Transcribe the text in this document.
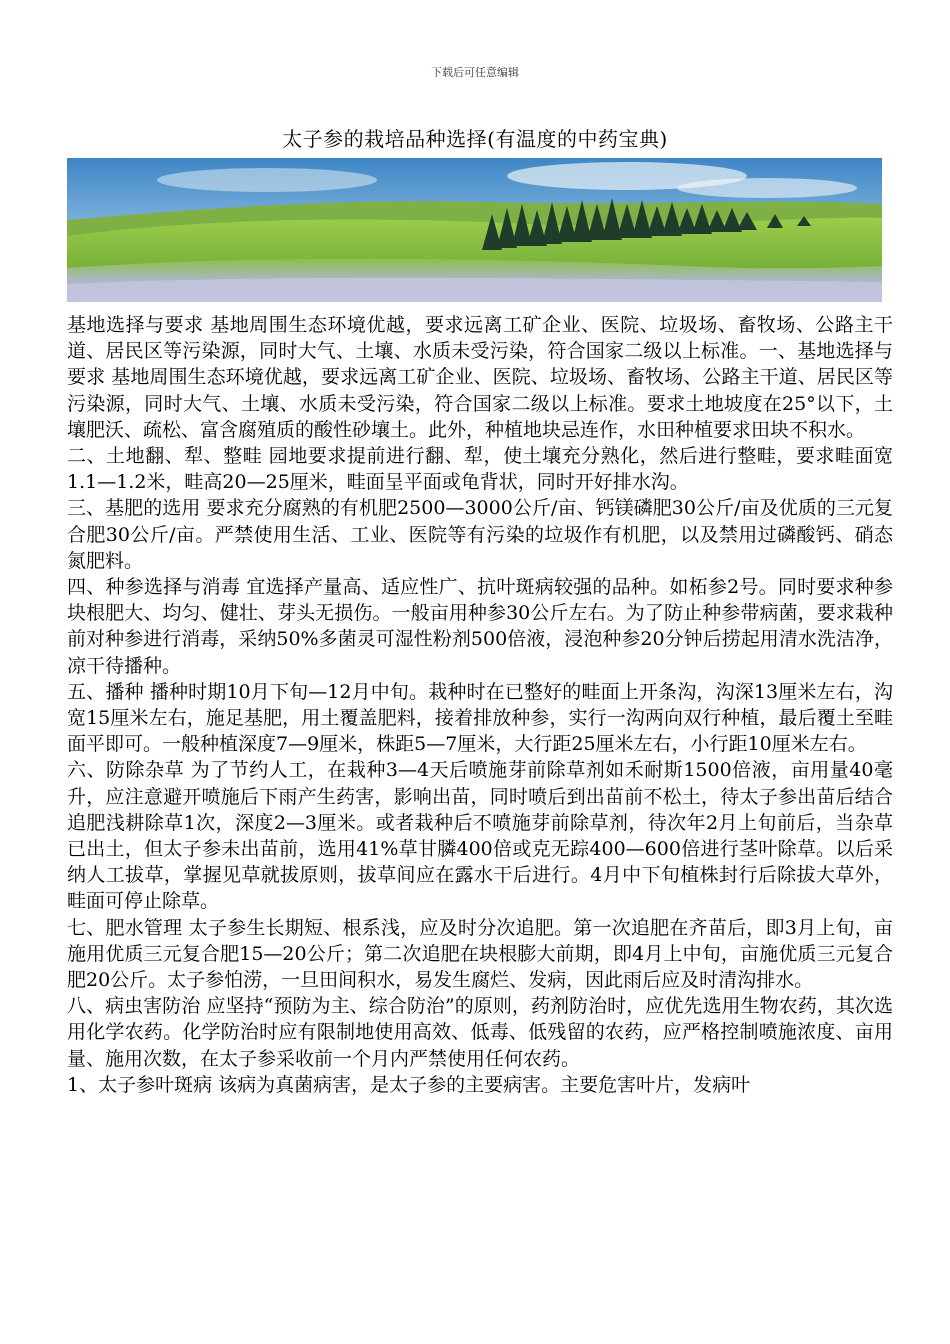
下载后可任意编辑
太子参的栽培品种选择(有温度的中药宝典)

基地选择与要求 基地周围生态环境优越，要求远离工矿企业、医院、垃圾场、畜牧场、公路主干道、居民区等污染源，同时大气、土壤、水质未受污染，符合国家二级以上标准。一、基地选择与要求 基地周围生态环境优越，要求远离工矿企业、医院、垃圾场、畜牧场、公路主干道、居民区等污染源，同时大气、土壤、水质未受污染，符合国家二级以上标准。要求土地坡度在25°以下，土壤肥沃、疏松、富含腐殖质的酸性砂壤土。此外，种植地块忌连作，水田种植要求田块不积水。

二、土地翻、犁、整畦 园地要求提前进行翻、犁，使土壤充分熟化，然后进行整畦，要求畦面宽1.1—1.2米，畦高20—25厘米，畦面呈平面或龟背状，同时开好排水沟。

三、基肥的选用 要求充分腐熟的有机肥2500—3000公斤/亩、钙镁磷肥30公斤/亩及优质的三元复合肥30公斤/亩。严禁使用生活、工业、医院等有污染的垃圾作有机肥，以及禁用过磷酸钙、硝态氮肥料。

四、种参选择与消毒 宜选择产量高、适应性广、抗叶斑病较强的品种。如柘参2号。同时要求种参块根肥大、均匀、健壮、芽头无损伤。一般亩用种参30公斤左右。为了防止种参带病菌，要求栽种前对种参进行消毒，采纳50%多菌灵可湿性粉剂500倍液，浸泡种参20分钟后捞起用清水洗洁净，凉干待播种。

五、播种 播种时期10月下旬—12月中旬。栽种时在已整好的畦面上开条沟，沟深13厘米左右，沟宽15厘米左右，施足基肥，用土覆盖肥料，接着排放种参，实行一沟两向双行种植，最后覆土至畦面平即可。一般种植深度7—9厘米，株距5—7厘米，大行距25厘米左右，小行距10厘米左右。

六、防除杂草 为了节约人工，在栽种3—4天后喷施芽前除草剂如禾耐斯1500倍液，亩用量40毫升，应注意避开喷施后下雨产生药害，影响出苗，同时喷后到出苗前不松土，待太子参出苗后结合追肥浅耕除草1次，深度2—3厘米。或者栽种后不喷施芽前除草剂，待次年2月上旬前后，当杂草已出土，但太子参未出苗前，选用41%草甘膦400倍或克无踪400—600倍进行茎叶除草。以后采纳人工拔草，掌握见草就拔原则，拔草间应在露水干后进行。4月中下旬植株封行后除拔大草外，畦面可停止除草。

七、肥水管理 太子参生长期短、根系浅，应及时分次追肥。第一次追肥在齐苗后，即3月上旬，亩施用优质三元复合肥15—20公斤；第二次追肥在块根膨大前期，即4月上中旬，亩施优质三元复合肥20公斤。太子参怕涝，一旦田间积水，易发生腐烂、发病，因此雨后应及时清沟排水。

八、病虫害防治 应坚持“预防为主、综合防治”的原则，药剂防治时，应优先选用生物农药，其次选用化学农药。化学防治时应有限制地使用高效、低毒、低残留的农药，应严格控制喷施浓度、亩用量、施用次数，在太子参采收前一个月内严禁使用任何农药。

1、太子参叶斑病 该病为真菌病害，是太子参的主要病害。主要危害叶片，发病叶
